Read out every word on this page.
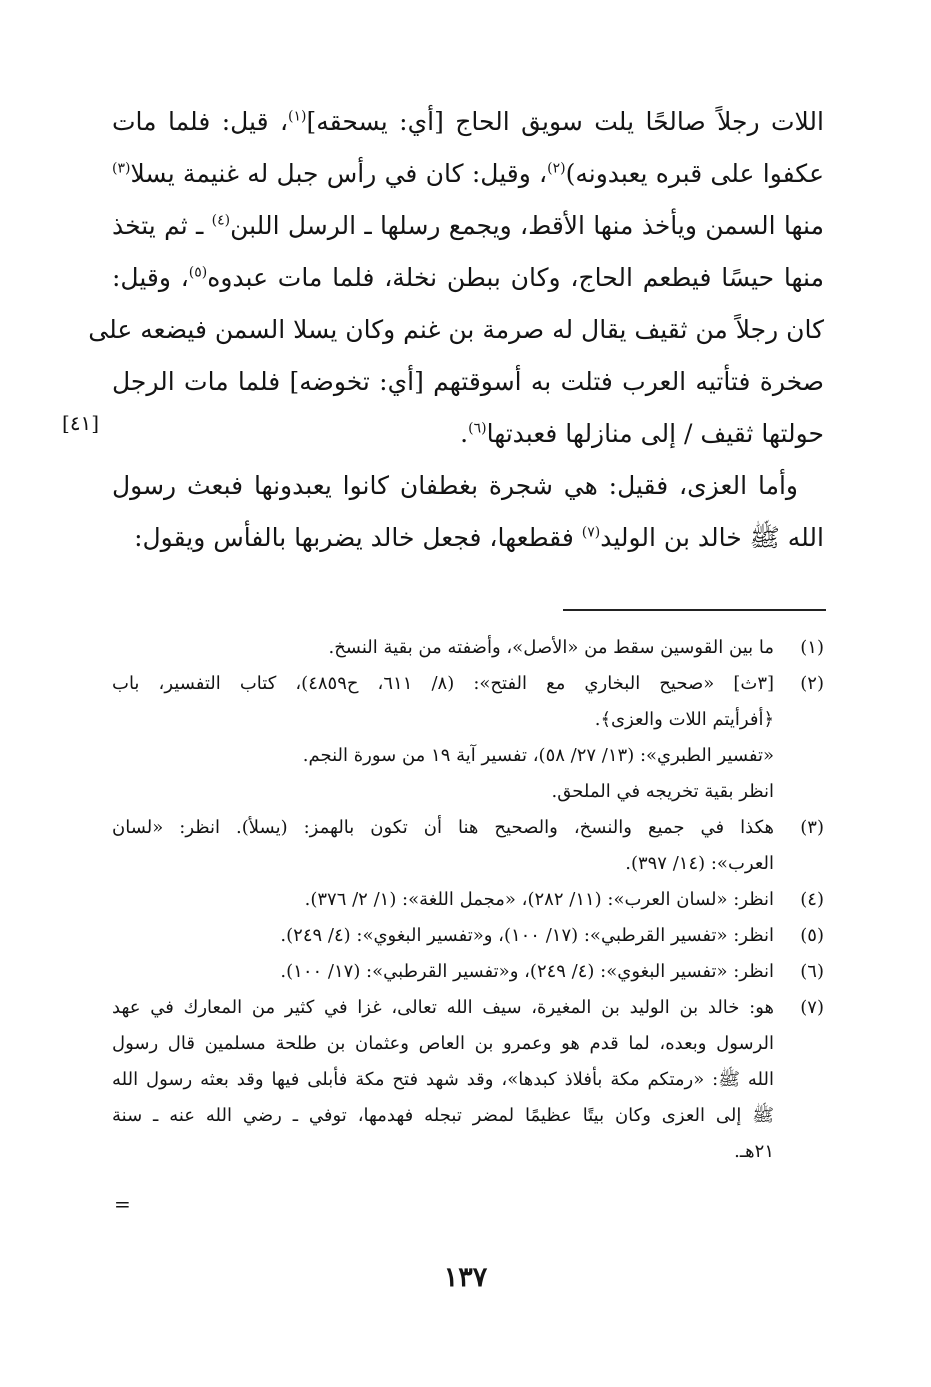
اللات رجلاً صالحًا يلت سويق الحاج [أي: يسحقه]$^{(١)}$، قيل: فلما مات
عكفوا على قبره يعبدونه)$^{(٢)}$، وقيل: كان في رأس جبل له غنيمة يسلا$^{(٣)}$
منها السمن ويأخذ منها الأقط، ويجمع رسلها ـ الرسل اللبن$^{(٤)}$ ـ ثم يتخذ
منها حيسًا فيطعم الحاج، وكان ببطن نخلة، فلما مات عبدوه$^{(٥)}$، وقيل:
كان رجلاً من ثقيف يقال له صرمة بن غنم وكان يسلا السمن فيضعه على
صخرة فتأتيه العرب فتلت به أسوقتهم [أي: تخوضه] فلما مات الرجل
حولتها ثقيف / إلى منازلها فعبدتها$^{(٦)}$.
وأما العزى، فقيل: هي شجرة بغطفان كانوا يعبدونها فبعث رسول
الله ﷺ خالد بن الوليد$^{(٧)}$ فقطعها، فجعل خالد يضربها بالفأس ويقول:
[٤١]
(١)
ما بين القوسين سقط من «الأصل»، وأضفته من بقية النسخ.
(٢)
[٣ث] «صحيح البخاري مع الفتح»: (٨/ ٦١١، ح٤٨٥٩)، كتاب التفسير، باب
﴿أفرأيتم اللات والعزى﴾.
«تفسير الطبري»: (١٣/ ٢٧/ ٥٨)، تفسير آية ١٩ من سورة النجم.
انظر بقية تخريجه في الملحق.
(٣)
هكذا في جميع والنسخ، والصحيح هنا أن تكون بالهمز: (يسلأ). انظر: «لسان
العرب»: (١٤/ ٣٩٧).
(٤)
انظر: «لسان العرب»: (١١/ ٢٨٢)، «مجمل اللغة»: (١/ ٢/ ٣٧٦).
(٥)
انظر: «تفسير القرطبي»: (١٧/ ١٠٠)، و«تفسير البغوي»: (٤/ ٢٤٩).
(٦)
انظر: «تفسير البغوي»: (٤/ ٢٤٩)، و«تفسير القرطبي»: (١٧/ ١٠٠).
(٧)
هو: خالد بن الوليد بن المغيرة، سيف الله تعالى، غزا في كثير من المعارك في عهد
الرسول وبعده، لما قدم هو وعمرو بن العاص وعثمان بن طلحة مسلمين قال رسول
الله ﷺ: «رمتكم مكة بأفلاذ كبدها»، وقد شهد فتح مكة فأبلى فيها وقد بعثه رسول الله
ﷺ إلى العزى وكان بيتًا عظيمًا لمضر تبجله فهدمها، توفي ـ رضي الله عنه ـ سنة
٢١هـ.
=
١٣٧
